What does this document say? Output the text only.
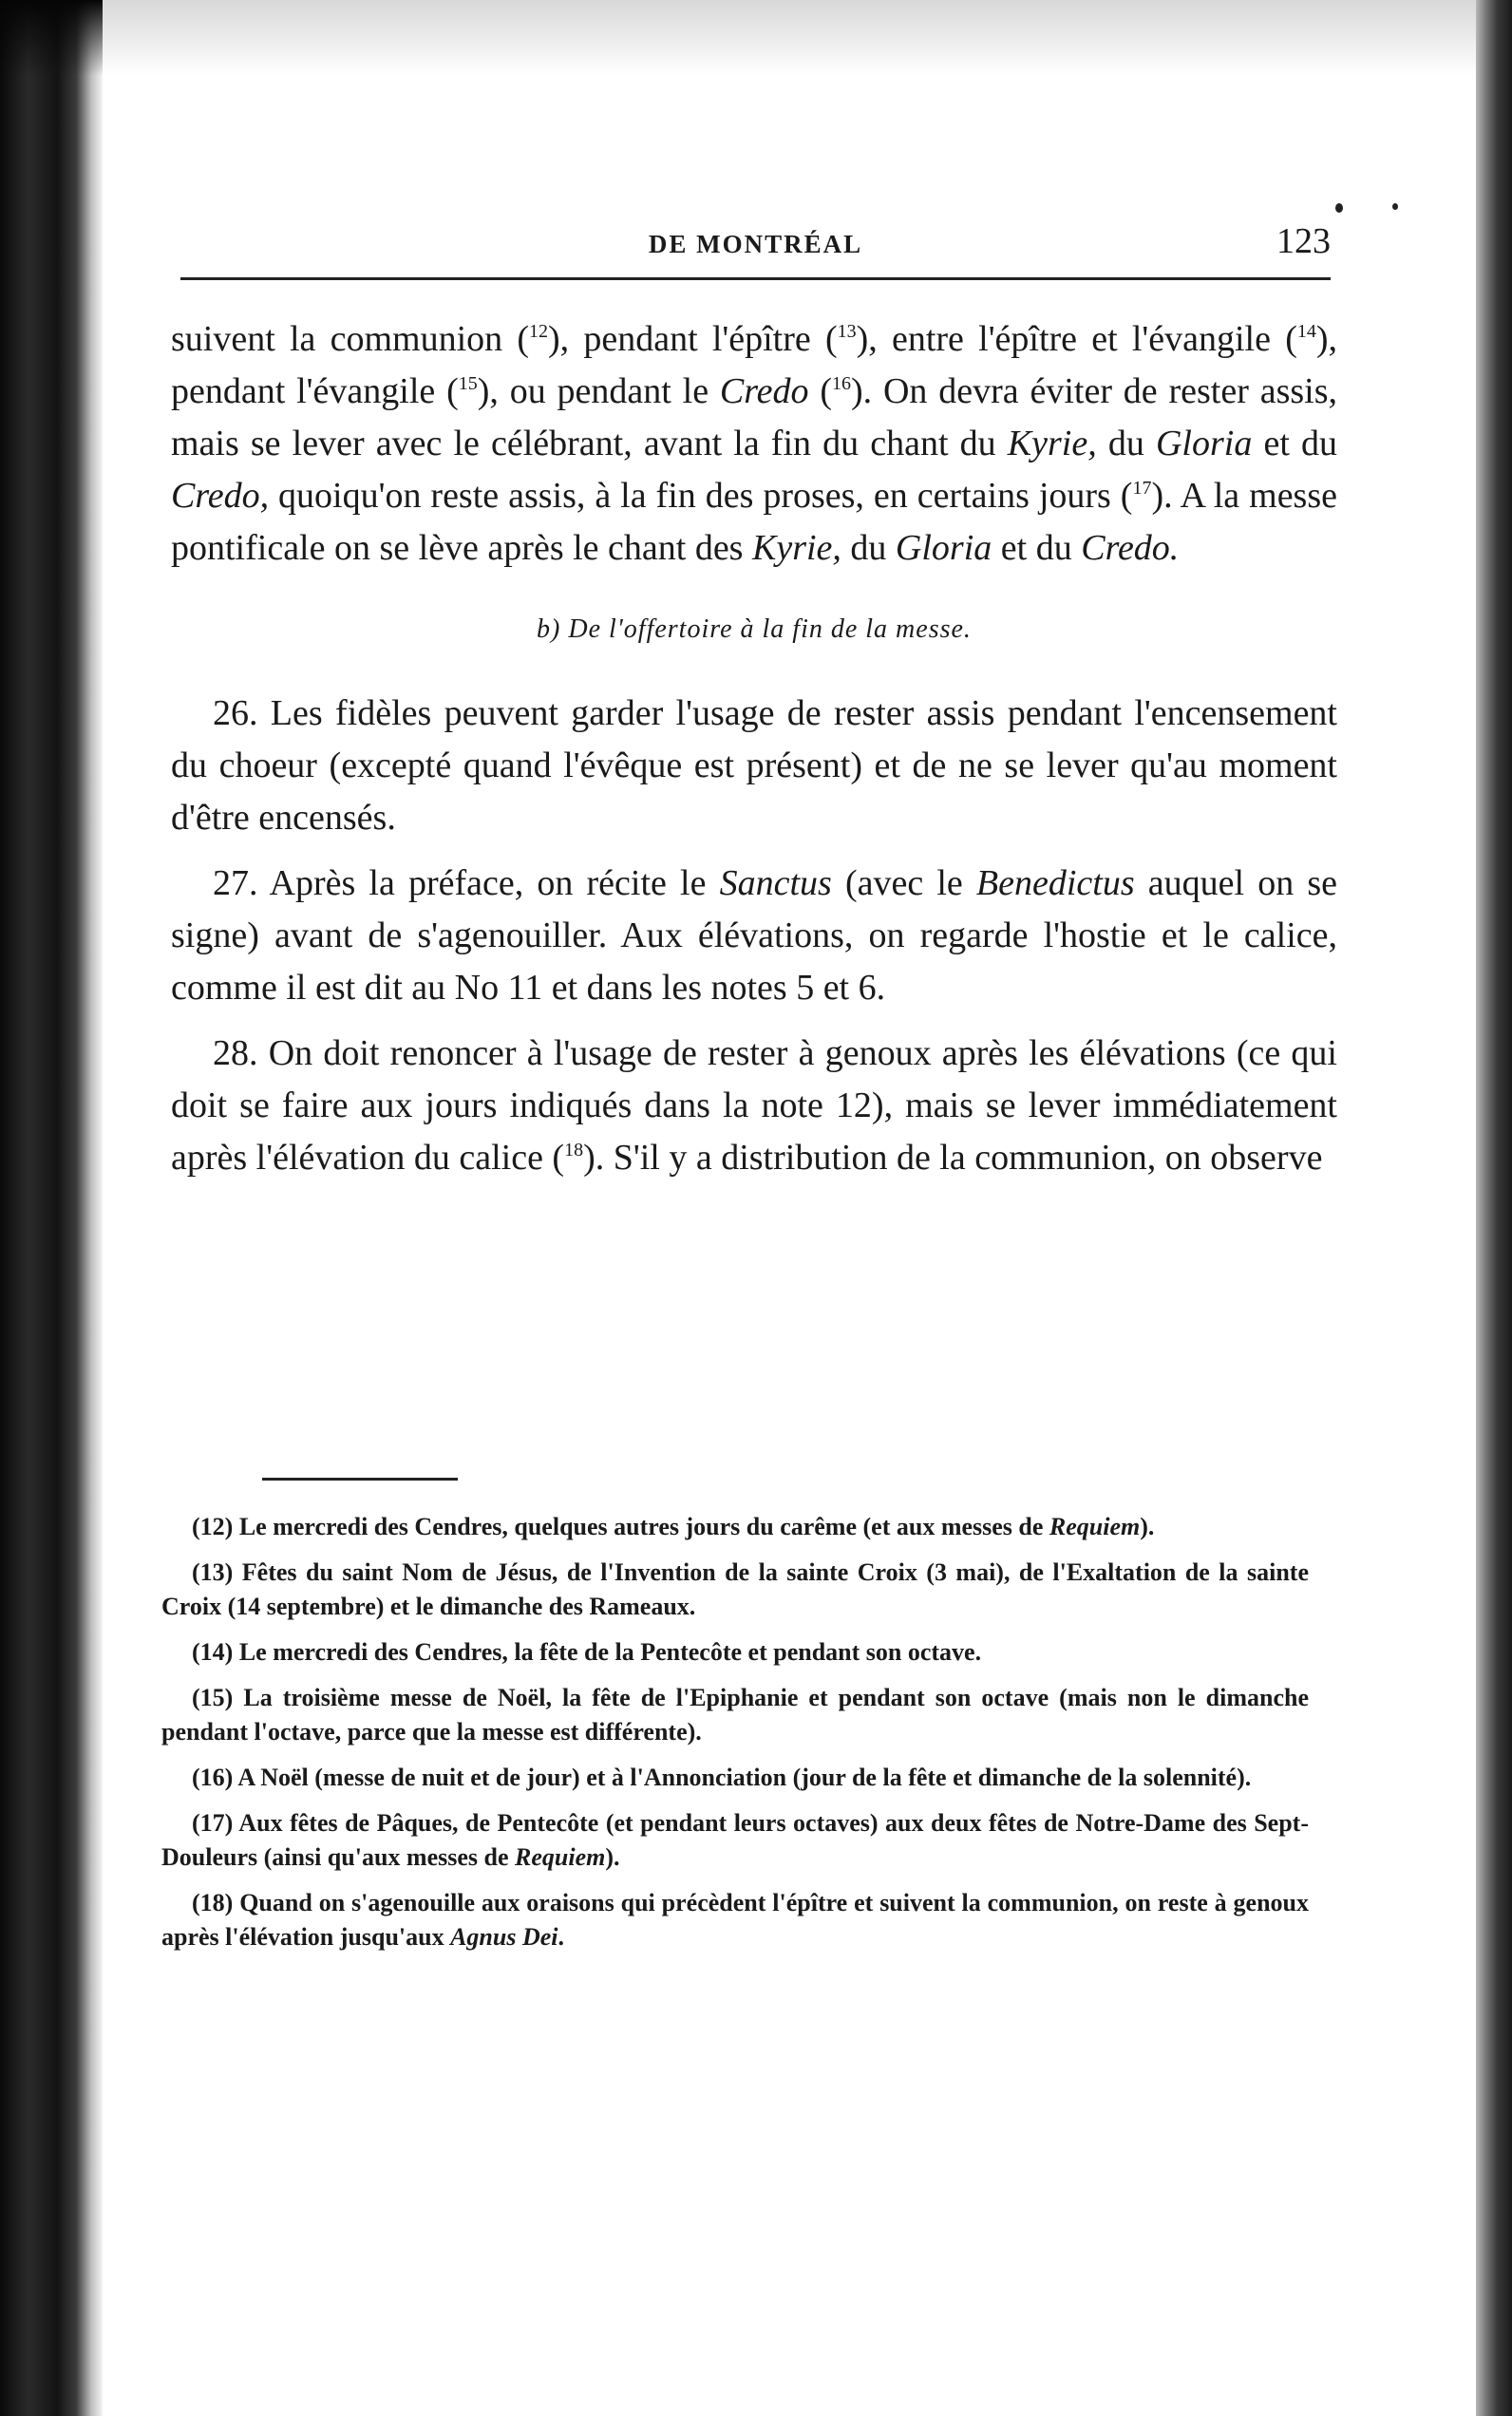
DE MONTRÉAL	123

suivent la communion ($^{12}$), pendant l'épître ($^{13}$), entre l'épître et l'évangile ($^{14}$), pendant l'évangile ($^{15}$), ou pendant le Credo ($^{16}$). On devra éviter de rester assis, mais se lever avec le célébrant, avant la fin du chant du Kyrie, du Gloria et du Credo, quoiqu'on reste assis, à la fin des proses, en certains jours ($^{17}$). A la messe pontificale on se lève après le chant des Kyrie, du Gloria et du Credo.

b) De l'offertoire à la fin de la messe.

26. Les fidèles peuvent garder l'usage de rester assis pendant l'encensement du choeur (excepté quand l'évêque est présent) et de ne se lever qu'au moment d'être encensés.

27. Après la préface, on récite le Sanctus (avec le Benedictus auquel on se signe) avant de s'agenouiller. Aux élévations, on regarde l'hostie et le calice, comme il est dit au No 11 et dans les notes 5 et 6.

28. On doit renoncer à l'usage de rester à genoux après les élévations (ce qui doit se faire aux jours indiqués dans la note 12), mais se lever immédiatement après l'élévation du calice ($^{18}$). S'il y a distribution de la communion, on observe

(12) Le mercredi des Cendres, quelques autres jours du carême (et aux messes de Requiem).

(13) Fêtes du saint Nom de Jésus, de l'Invention de la sainte Croix (3 mai), de l'Exaltation de la sainte Croix (14 septembre) et le dimanche des Rameaux.

(14) Le mercredi des Cendres, la fête de la Pentecôte et pendant son octave.

(15) La troisième messe de Noël, la fête de l'Epiphanie et pendant son octave (mais non le dimanche pendant l'octave, parce que la messe est différente).

(16) A Noël (messe de nuit et de jour) et à l'Annonciation (jour de la fête et dimanche de la solennité).

(17) Aux fêtes de Pâques, de Pentecôte (et pendant leurs octaves) aux deux fêtes de Notre-Dame des Sept-Douleurs (ainsi qu'aux messes de Requiem).

(18) Quand on s'agenouille aux oraisons qui précèdent l'épître et suivent la communion, on reste à genoux après l'élévation jusqu'aux Agnus Dei.
